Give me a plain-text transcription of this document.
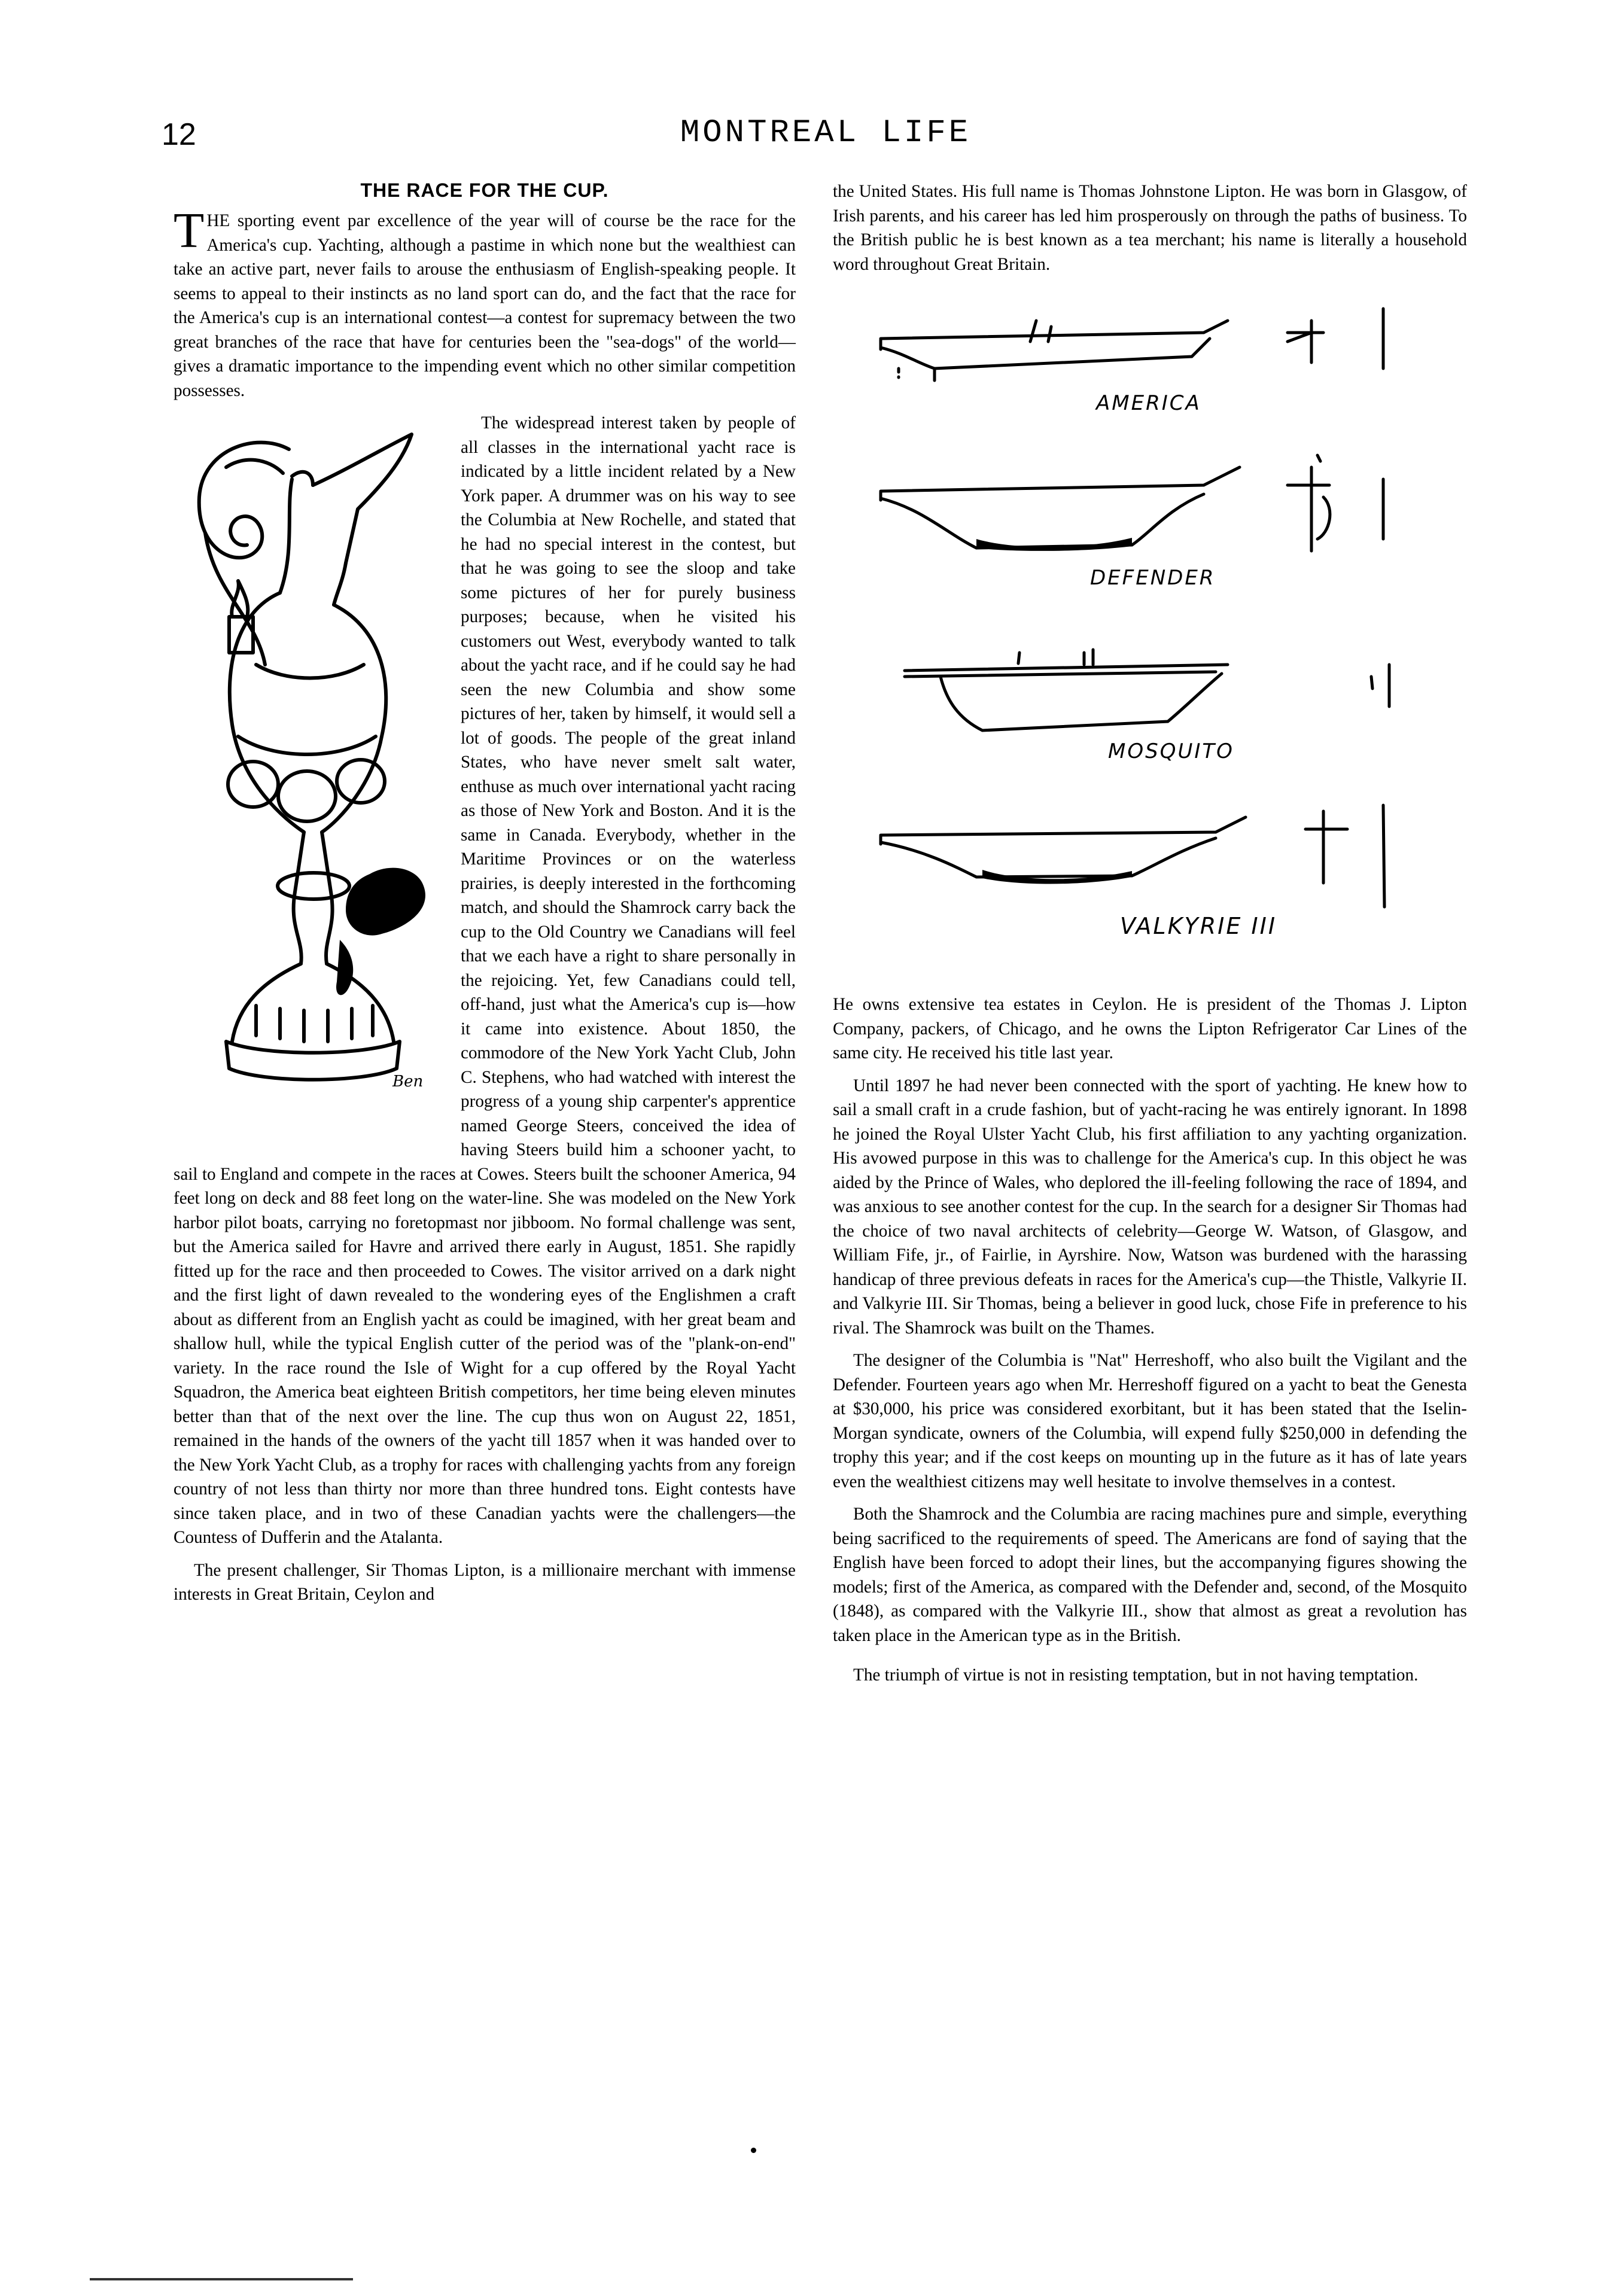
12	MONTREAL LIFE
THE RACE FOR THE CUP.

THE sporting event par excellence of the year will of course be the race for the America's cup. Yachting, although a pastime in which none but the wealthiest can take an active part, never fails to arouse the enthusiasm of English-speaking people. It seems to appeal to their instincts as no land sport can do, and the fact that the race for the America's cup is an international contest—a contest for supremacy between the two great branches of the race that have for centuries been the "sea-dogs" of the world—gives a dramatic importance to the impending event which no other similar competition possesses.

Ben
The widespread interest taken by people of all classes in the international yacht race is indicated by a little incident related by a New York paper. A drummer was on his way to see the Columbia at New Rochelle, and stated that he had no special interest in the contest, but that he was going to see the sloop and take some pictures of her for purely business purposes; because, when he visited his customers out West, everybody wanted to talk about the yacht race, and if he could say he had seen the new Columbia and show some pictures of her, taken by himself, it would sell a lot of goods. The people of the great inland States, who have never smelt salt water, enthuse as much over international yacht racing as those of New York and Boston. And it is the same in Canada. Everybody, whether in the Maritime Provinces or on the waterless prairies, is deeply interested in the forthcoming match, and should the Shamrock carry back the cup to the Old Country we Canadians will feel that we each have a right to share personally in the rejoicing. Yet, few Canadians could tell, off-hand, just what the America's cup is—how it came into existence. About 1850, the commodore of the New York Yacht Club, John C. Stephens, who had watched with interest the progress of a young ship carpenter's apprentice named George Steers, conceived the idea of having Steers build him a schooner yacht, to sail to England and compete in the races at Cowes. Steers built the schooner America, 94 feet long on deck and 88 feet long on the water-line. She was modeled on the New York harbor pilot boats, carrying no foretopmast nor jibboom. No formal challenge was sent, but the America sailed for Havre and arrived there early in August, 1851. She rapidly fitted up for the race and then proceeded to Cowes. The visitor arrived on a dark night and the first light of dawn revealed to the wondering eyes of the Englishmen a craft about as different from an English yacht as could be imagined, with her great beam and shallow hull, while the typical English cutter of the period was of the "plank-on-end" variety. In the race round the Isle of Wight for a cup offered by the Royal Yacht Squadron, the America beat eighteen British competitors, her time being eleven minutes better than that of the next over the line. The cup thus won on August 22, 1851, remained in the hands of the owners of the yacht till 1857 when it was handed over to the New York Yacht Club, as a trophy for races with challenging yachts from any foreign country of not less than thirty nor more than three hundred tons. Eight contests have since taken place, and in two of these Canadian yachts were the challengers—the Countess of Dufferin and the Atalanta.

The present challenger, Sir Thomas Lipton, is a millionaire merchant with immense interests in Great Britain, Ceylon and

the United States. His full name is Thomas Johnstone Lipton. He was born in Glasgow, of Irish parents, and his career has led him prosperously on through the paths of business. To the British public he is best known as a tea merchant; his name is literally a household word throughout Great Britain.

AMERICA
DEFENDER
MOSQUITO
VALKYRIE III

He owns extensive tea estates in Ceylon. He is president of the Thomas J. Lipton Company, packers, of Chicago, and he owns the Lipton Refrigerator Car Lines of the same city. He received his title last year.

Until 1897 he had never been connected with the sport of yachting. He knew how to sail a small craft in a crude fashion, but of yacht-racing he was entirely ignorant. In 1898 he joined the Royal Ulster Yacht Club, his first affiliation to any yachting organization. His avowed purpose in this was to challenge for the America's cup. In this object he was aided by the Prince of Wales, who deplored the ill-feeling following the race of 1894, and was anxious to see another contest for the cup. In the search for a designer Sir Thomas had the choice of two naval architects of celebrity—George W. Watson, of Glasgow, and William Fife, jr., of Fairlie, in Ayrshire. Now, Watson was burdened with the harassing handicap of three previous defeats in races for the America's cup—the Thistle, Valkyrie II. and Valkyrie III. Sir Thomas, being a believer in good luck, chose Fife in preference to his rival. The Shamrock was built on the Thames.

The designer of the Columbia is "Nat" Herreshoff, who also built the Vigilant and the Defender. Fourteen years ago when Mr. Herreshoff figured on a yacht to beat the Genesta at $30,000, his price was considered exorbitant, but it has been stated that the Iselin-Morgan syndicate, owners of the Columbia, will expend fully $250,000 in defending the trophy this year; and if the cost keeps on mounting up in the future as it has of late years even the wealthiest citizens may well hesitate to involve themselves in a contest.

Both the Shamrock and the Columbia are racing machines pure and simple, everything being sacrificed to the requirements of speed. The Americans are fond of saying that the English have been forced to adopt their lines, but the accompanying figures showing the models; first of the America, as compared with the Defender and, second, of the Mosquito (1848), as compared with the Valkyrie III., show that almost as great a revolution has taken place in the American type as in the British.

The triumph of virtue is not in resisting temptation, but in not having temptation.
